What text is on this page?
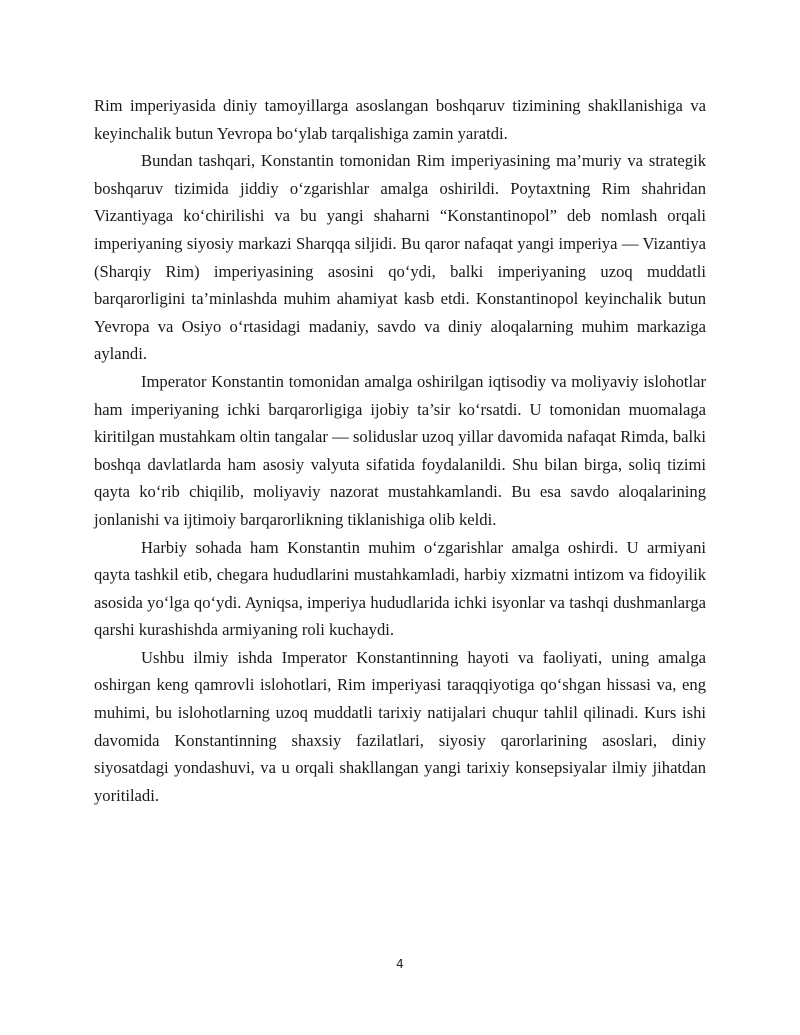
Rim imperiyasida diniy tamoyillarga asoslangan boshqaruv tizimining shakllanishiga va keyinchalik butun Yevropa bo‘ylab tarqalishiga zamin yaratdi.

Bundan tashqari, Konstantin tomonidan Rim imperiyasining ma’muriy va strategik boshqaruv tizimida jiddiy o‘zgarishlar amalga oshirildi. Poytaxtning Rim shahridan Vizantiyaga ko‘chirilishi va bu yangi shaharni “Konstantinopol” deb nomlash orqali imperiyaning siyosiy markazi Sharqqa siljidi. Bu qaror nafaqat yangi imperiya — Vizantiya (Sharqiy Rim) imperiyasining asosini qo‘ydi, balki imperiyaning uzoq muddatli barqarorligini ta’minlashda muhim ahamiyat kasb etdi. Konstantinopol keyinchalik butun Yevropa va Osiyo o‘rtasidagi madaniy, savdo va diniy aloqalarning muhim markaziga aylandi.

Imperator Konstantin tomonidan amalga oshirilgan iqtisodiy va moliyaviy islohotlar ham imperiyaning ichki barqarorligiga ijobiy ta’sir ko‘rsatdi. U tomonidan muomalaga kiritilgan mustahkam oltin tangalar — soliduslar uzoq yillar davomida nafaqat Rimda, balki boshqa davlatlarda ham asosiy valyuta sifatida foydalanildi. Shu bilan birga, soliq tizimi qayta ko‘rib chiqilib, moliyaviy nazorat mustahkamlandi. Bu esa savdo aloqalarining jonlanishi va ijtimoiy barqarorlikning tiklanishiga olib keldi.

Harbiy sohada ham Konstantin muhim o‘zgarishlar amalga oshirdi. U armiyani qayta tashkil etib, chegara hududlarini mustahkamladi, harbiy xizmatni intizom va fidoyilik asosida yo‘lga qo‘ydi. Ayniqsa, imperiya hududlarida ichki isyonlar va tashqi dushmanlarga qarshi kurashishda armiyaning roli kuchaydi.

Ushbu ilmiy ishda Imperator Konstantinning hayoti va faoliyati, uning amalga oshirgan keng qamrovli islohotlari, Rim imperiyasi taraqqiyotiga qo‘shgan hissasi va, eng muhimi, bu islohotlarning uzoq muddatli tarixiy natijalari chuqur tahlil qilinadi. Kurs ishi davomida Konstantinning shaxsiy fazilatlari, siyosiy qarorlarining asoslari, diniy siyosatdagi yondashuvi, va u orqali shakllangan yangi tarixiy konsepsiyalar ilmiy jihatdan yoritiladi.

4
